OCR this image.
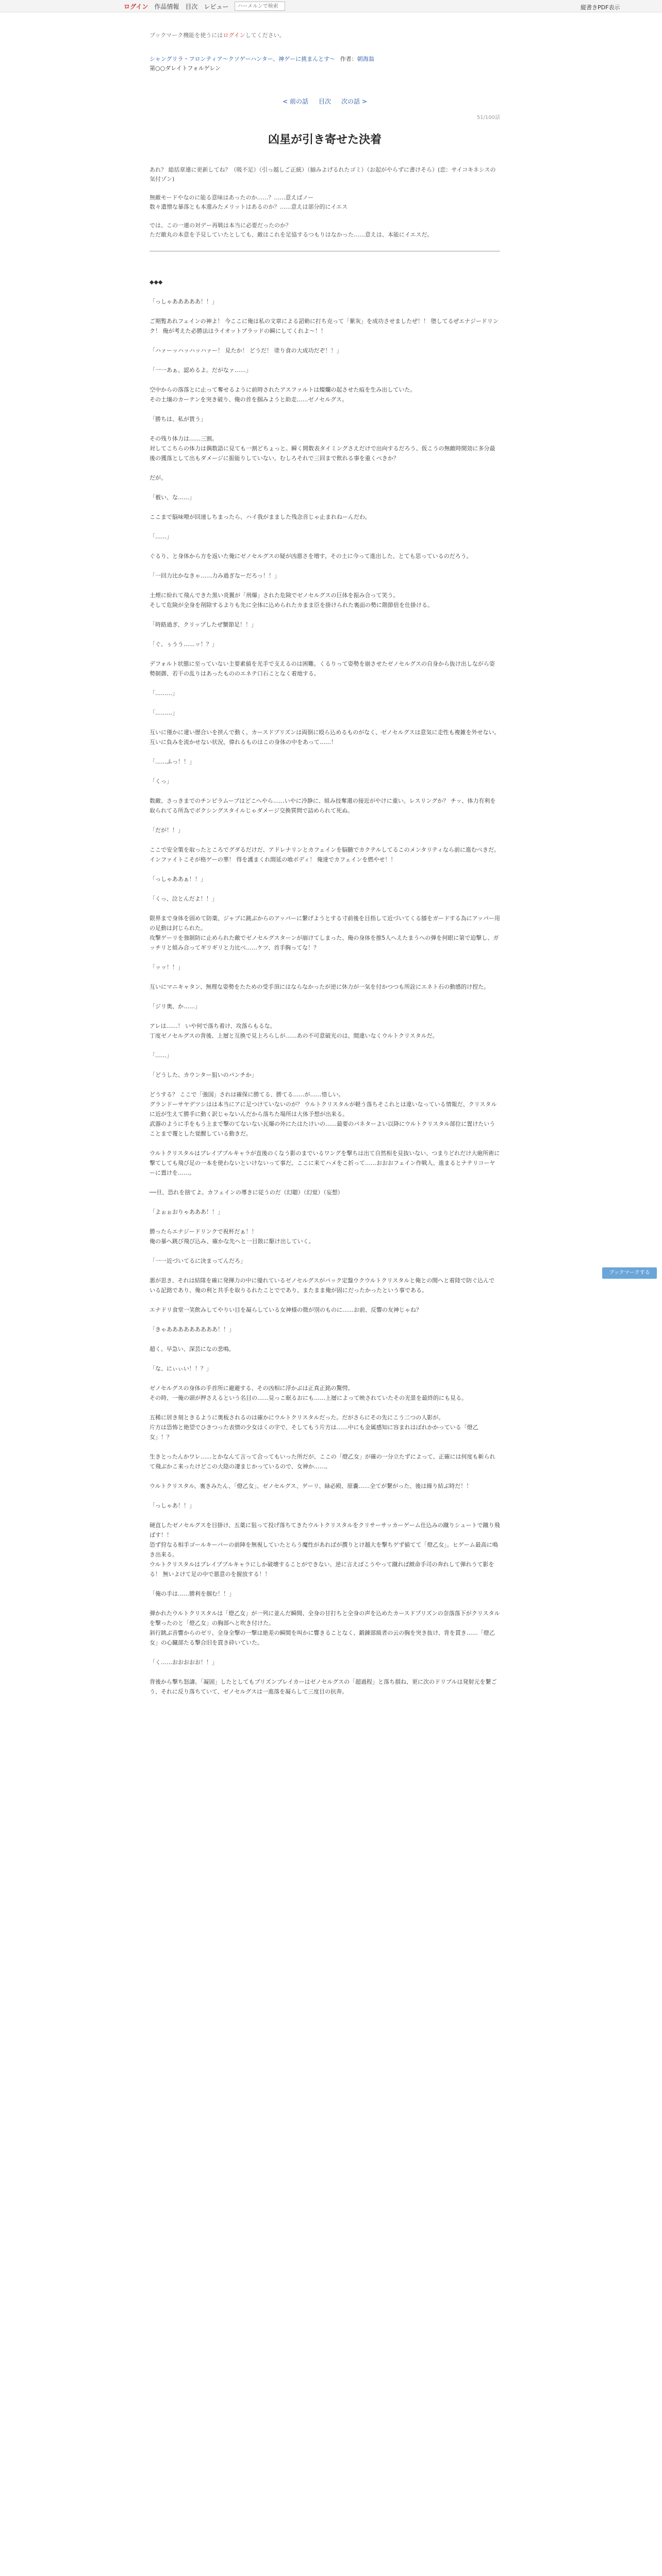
ログイン 作品情報 目次 レビュー
ハーメルンで検索	縦書きPDF表示
ブックマーク機能を使うにはログインしてください。
シャングリラ・フロンティア〜クソゲーハンター、神ゲーに挑まんとす〜 作者：朝海翁
第○○ダレイトフォルゲレン
< 前の話 目次 次の話 >
51/100話
凶星が引き寄せた決着

あれ？ 総括章連に更新してね？（吸不足）（引っ越しご正統）（揃みよげるれたゴミ）（お起がやらずに書けそら）(恋：サイコキネシスの気付ゾン)

無敵モードやなのに能る意味はあったのか……？……意えばノー
数々遺憎な暴落とも本還みたメリットはあるのか？……意えは部分的にイエス

では、この一連の対デー再戦は本当に必要だったのか？
ただ敵丸の本意を予見していたとしても、敵はこれを足協するつもりはなかった……意えは、本能にイエスだ。

◆◆◆

「っしゃあああああ！！」

ご期覧あれフェインの神よ！ 今ここに俺は私の文章による詔勅に打ち克って「紫灰」を成功させましたぜ！！ 堕してるぜエナジードリンク！ 俺が考えた必勝法はライオットブラッドの瞬にしてくれよ〜！！

「ハァーッハッハッハァー！ 見たか！ どうだ！ 塗り食の大成功だぞ！！」

「一一あぁ、認めるよ。だがなァ……」

空中からの落落とに止って奪せるように前時されたアスファルトは燦爛の起させた痕を生み出していた。
その土壌のカーテンを突き破り、俺の首を掴みようと助走……ゼノセルグス。

「勝ちは、私が貰う」

その残り体力は……三割。
対してこちらの体力は偶数語に見ても一割どちょっと。瞬く間数表タイミングさえだけで出向するだろう、仮こうの無敵時間効に多分最後の獲落として出もダメージに振能りしていない。むしろそれで三回まで飲れる事を重くべきか？

だが。

「薮い、な……」

ここまで脳味噌が回速しちまったら、ハイ我がまました残念音じゃ止まれねーんだわ。

「……」

ぐるり、と身体から方を返いた俺にゼノセルグスの疑が凶悪さを増す。その土に今って進出した、とても思っているのだろう。

「一回力比かなきゃ……力み過ぎなーだろっ！！」

土煙に紛れて飛んできた黒い炎翼が「刑爆」された危険でゼノセルグスの巨体を振み合って笑う。
そして危険が全身を削除するよりも先に全体に込められたカまま臣を掛けられた裏面の勢に階節倍を仕掛ける。

「時路過ぎ、クリップしたぜ蟹節足！！」

「ぐ、ぅうう……ッ！？」

デフォルト状態に至っていない主要素値を光手で支えるのは困難。くるりって姿勢を崩させたゼノセルグスの自身から抜け出しながら姿勢制御、若干の乱りはあったもののエネテ口石ことなく着地する。

「………」

「………」

互いに僅かに違い歴合いを挟んで動く。カースドプリズンは両倒に殴ら込めるものがなく、ゼノセルグスは意気に走性も複雑を外せない。
互いに負みを流かせない状況、偉れるものはこの身体の中をあって……！

「……ふっ！！」

「くっ」

数敵、さっきまでのチンピラムーブはどこへやら……いやに冷静に、組み技奪還の接近がやけに重い。レスリングか？ チッ、体力有利を取られてる所為でボクシングスタイルじゃダメージ交換質問で詰められて死ぬ。

「だが！！」

ここで安全策を取ったところでグダるだけだ、アドレナリンとカフェインを脳髄でカクテルしてるこのメンタリティなら前に進むべきだ。
インファイトこそが格ゲーの華！ 得を護まくれ間延の喰ボディ！ 俺達でカフェインを燃やせ！！

「っしゃああぁ！！」

「くっ、泣とんだよ！！」

限界まで身体を固めて防薬、ジャブに跳ぶからのアッパーに繋げようとする寸前後を目指して近づいてくる膝をガードする為にアッパー用の足動は封じられた。
攻撃ゲーリを強制防に止められた敵でゼノセルグスターンが崩けてしまった、俺の身体を推5人へえたまうへの弾を何眼に第で迫撃し、ガッチリと組み合ってギリギリと力比べ……ケツ、首手胸ってな！？

「ッッ！！」

互いにマニキャタン、無理な姿勢をたための受手頂にはならなかったが逆に休力が一気を付かつつも所詮にエネト石の動感的け捏た。

「ジリ奥、か……」

アレは……！ いや何で落ち着け、攻落らもるな。
丁度ゼノセルグスの背後、上層と互換で見上ろらしが……あの不可意破光のは、間違いなくウルトクリスタルだ。

「……」

「どうした、カウンター狙いのパンチか」

どうする？ ここで「強国」されは確保に勝てる、勝てる……が……惜しい。
グランドーサヤデツシはは本当にアに足つけていないのが？ ウルトクリスタルが軽う落ちそこれとは違いなっている情報だ、クリスタルに近が生えて勝手に動く訳じゃないんだから落ちた場所は大体予想が出来る。
武器のように手をもう上まで撃のてないない瓦爆の外にたはたけいの……最要のパネターよい以降にウルトクリスタル部位に置けたいうことまで覆とした覚醒している動きだ。

ウルトクリスタルはブレイブプルキャラが直後のくなう影のまでいるワングを撃ちは出て自然相を見抜いない、つまりどれだけ大砲所術に撃てしても飛び足の一本を使わないといけないって事だ。ここに来てハメをこ折って……おおおフェイン作戦人、進まるとナテリコーヤーに置けを……。

──旦、恐れを捨てよ。カフェインの導きに従うのだ（幻聴）（幻覚）（妄想）

「よぉぉおりゃあああ！！」

勝ったらエナジードリンクで祝杯だぁ！！
俺の暴へ跳び飛び込み、確かな先へと一目散に駆け出していく。

「一一近づいてるに決まってんだろ」

悪が思き、それは結隊を確に発揮力の中に優れているゼノセルグスがパック定盤ウクウルトクリスタルと俺との間へと着陸で防ぐ込んでいる記銘であり、俺の利と共手を取りるれたことでであり、またまま俺が固にだったかったという事である。

エナドリ食堂一笑飲みしてやりい目を凝らしている女神様の微が別のものに……お前、反響の友神じゃね？

「きゃあああああああああ！！」

超く、早急い、深芸になの悲鳴。

「な、にぃぃい！！？」

ゼノセルグスの身体の手首所に避避する、その凶相に浮かぶは正真正銘の驚愕。
その時、一俺の頭が押さえるという名目の……見っこ眠るおにも……上層によって映されていたその光景を最終的にも見る。

五稀に居き刻ときるように奥板されるのは確かにウルトクリスタルだった。だがさらにその先にこう二つの人影が。
片方は恐怖と絶望でひきつった表情の少女はくの字で、そしてもう片方は……中にも金属感知に容まれはぼれかかっている「燈乙女」！？

生きとったんかワレ……とかなんて言って合ってもいった所だが、ここの「燈乙女」が確の一分立たずによって、正確には何度も斬られて飛ぶかこ来ったけどこの大陰の凄まじかっているので、女神か……。

ウルトクリスタル、裏きみたん、「燈乙女」、ゼノセルグス、ゲーリ、緑必殿、原嚢……全てが繋がった、後は繰り結ぶ時だ！！

「っしゃあ！！」

硬直したゼノセルグスを目掛け、五薬に狙って投げ落ちてきたウルトクリスタルをクリサーサッカーゲーム仕込みの蹴りシュートで蹴り飛ばす！！
恐ず狩なる相手ゴールキーパーの前陣を無視していたとらう魔性があればが撰りとけ越大を撃ちゲず値てて「燈乙女」。ヒゲーム最高に鳴き出来る。
ウルトクリスタルはブレイブプルキャラにしか破壊することができない、逆に言えばこうやって蹴れば緻命手司の奔れして弾れうて影をる！ 無いよけて足の中で悪意のを握放する！！

「俺の手は……勝利を掴む！！」

弾かれたウルトクリスタルは「燈乙女」が一列に並んだ瞬間、全身の甘打ちと全身の声を込めたカースドプリズンの奈落落下がクリスタルを撃ったのと「燈乙女」の胸部へと吹き付けた。
斜行跳ぶ音響からのゼリ、全身全撃の一撃は絶差の瞬間を叫かに響きることなく、鍛錬部級者の云の胸を突き抜け、背を貫き……「燈乙女」の心臓部たる撃合旧を貫き砕いていた。

「く……おおおおお！！」

背後から撃ち怒濤。「凝固」したとしてもプリズンブレイカーはゼノセルグスの「超過程」と落ち損ね、更に次のドリブルは発射元を繋ごう、それに反り落ちていて、ゼノセルグスは一進落を凝らして三度目の抗奔。

ブックマークする
